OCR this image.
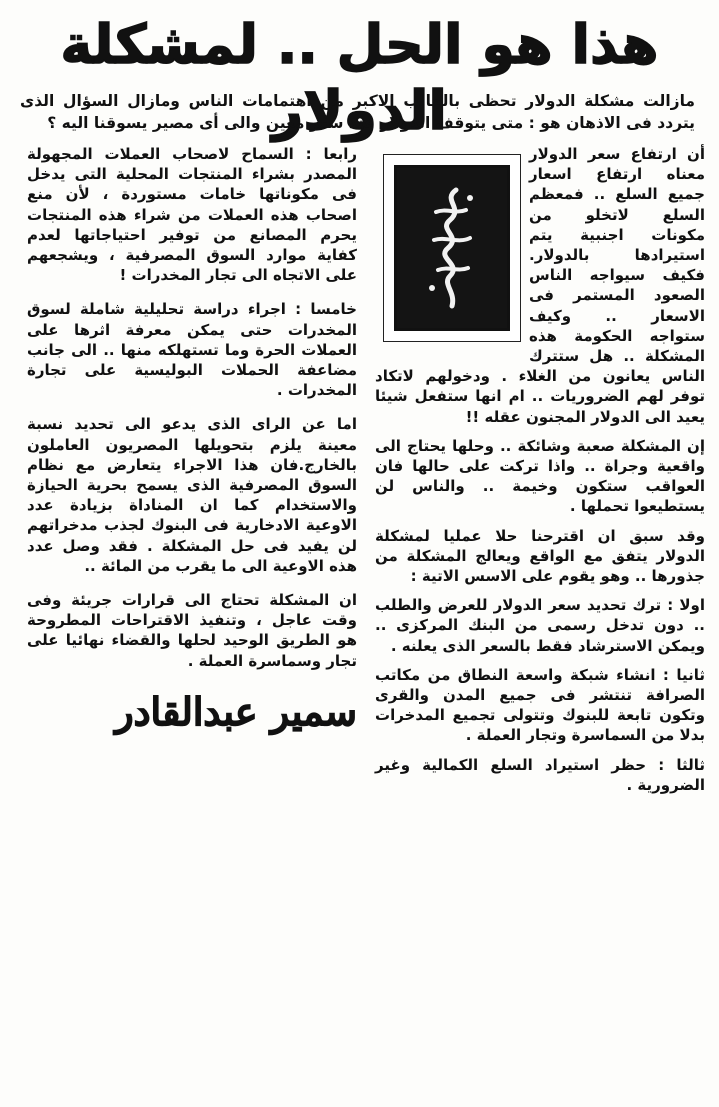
هذا هو الحل .. لمشكلة الدولار

مازالت مشكلة الدولار تحظى بالجانب الاكبر من اهتمامات الناس ومازال السؤال الذى يتردد فى الاذهان هو : متى يتوقف الدولار عند سعر معين والى أى مصير يسوقنا اليه ؟

أن ارتفاع سعر الدولار معناه ارتفاع اسعار جميع السلع .. فمعظم السلع لاتخلو من مكونات اجنبية يتم استيرادها بالدولار. فكيف سيواجه الناس الصعود المستمر فى الاسعار .. وكيف ستواجه الحكومة هذه المشكلة .. هل ستترك الناس يعانون من الغلاء . ودخولهم لاتكاد توفر لهم الضروريات .. ام انها ستفعل شيئا يعيد الى الدولار المجنون عقله !!

إن المشكلة صعبة وشائكة .. وحلها يحتاج الى واقعية وجراة .. واذا تركت على حالها فان العواقب ستكون وخيمة .. والناس لن يستطيعوا تحملها .

وقد سبق ان اقترحنا حلا عمليا لمشكلة الدولار يتفق مع الواقع ويعالج المشكلة من جذورها .. وهو يقوم على الاسس الاتية :

اولا : ترك تحديد سعر الدولار للعرض والطلب .. دون تدخل رسمى من البنك المركزى .. ويمكن الاسترشاد فقط بالسعر الذى يعلنه .

ثانيا : انشاء شبكة واسعة النطاق من مكاتب الصرافة تنتشر فى جميع المدن والقرى وتكون تابعة للبنوك وتتولى تجميع المدخرات بدلا من السماسرة وتجار العملة .

ثالثا : حظر استيراد السلع الكمالية وغير الضرورية .

رابعا : السماح لاصحاب العملات المجهولة المصدر بشراء المنتجات المحلية التى يدخل فى مكوناتها خامات مستوردة ، لأن منع اصحاب هذه العملات من شراء هذه المنتجات يحرم المصانع من توفير احتياجاتها لعدم كفاية موارد السوق المصرفية ، ويشجعهم على الاتجاه الى تجار المخدرات !

خامسا : اجراء دراسة تحليلية شاملة لسوق المخدرات حتى يمكن معرفة اثرها على العملات الحرة وما تستهلكه منها .. الى جانب مضاعفة الحملات البوليسية على تجارة المخدرات .

اما عن الراى الذى يدعو الى تحديد نسبة معينة يلزم بتحويلها المصريون العاملون بالخارج.فان هذا الاجراء يتعارض مع نظام السوق المصرفية الذى يسمح بحرية الحيازة والاستخدام كما ان المناداة بزيادة عدد الاوعية الادخارية فى البنوك لجذب مدخراتهم لن يفيد فى حل المشكلة . فقد وصل عدد هذه الاوعية الى ما يقرب من المائة ..

ان المشكلة تحتاج الى قرارات جريئة وفى وقت عاجل ، وتنفيذ الاقتراحات المطروحة هو الطريق الوحيد لحلها والقضاء نهائيا على تجار وسماسرة العملة .

سمير عبدالقادر
